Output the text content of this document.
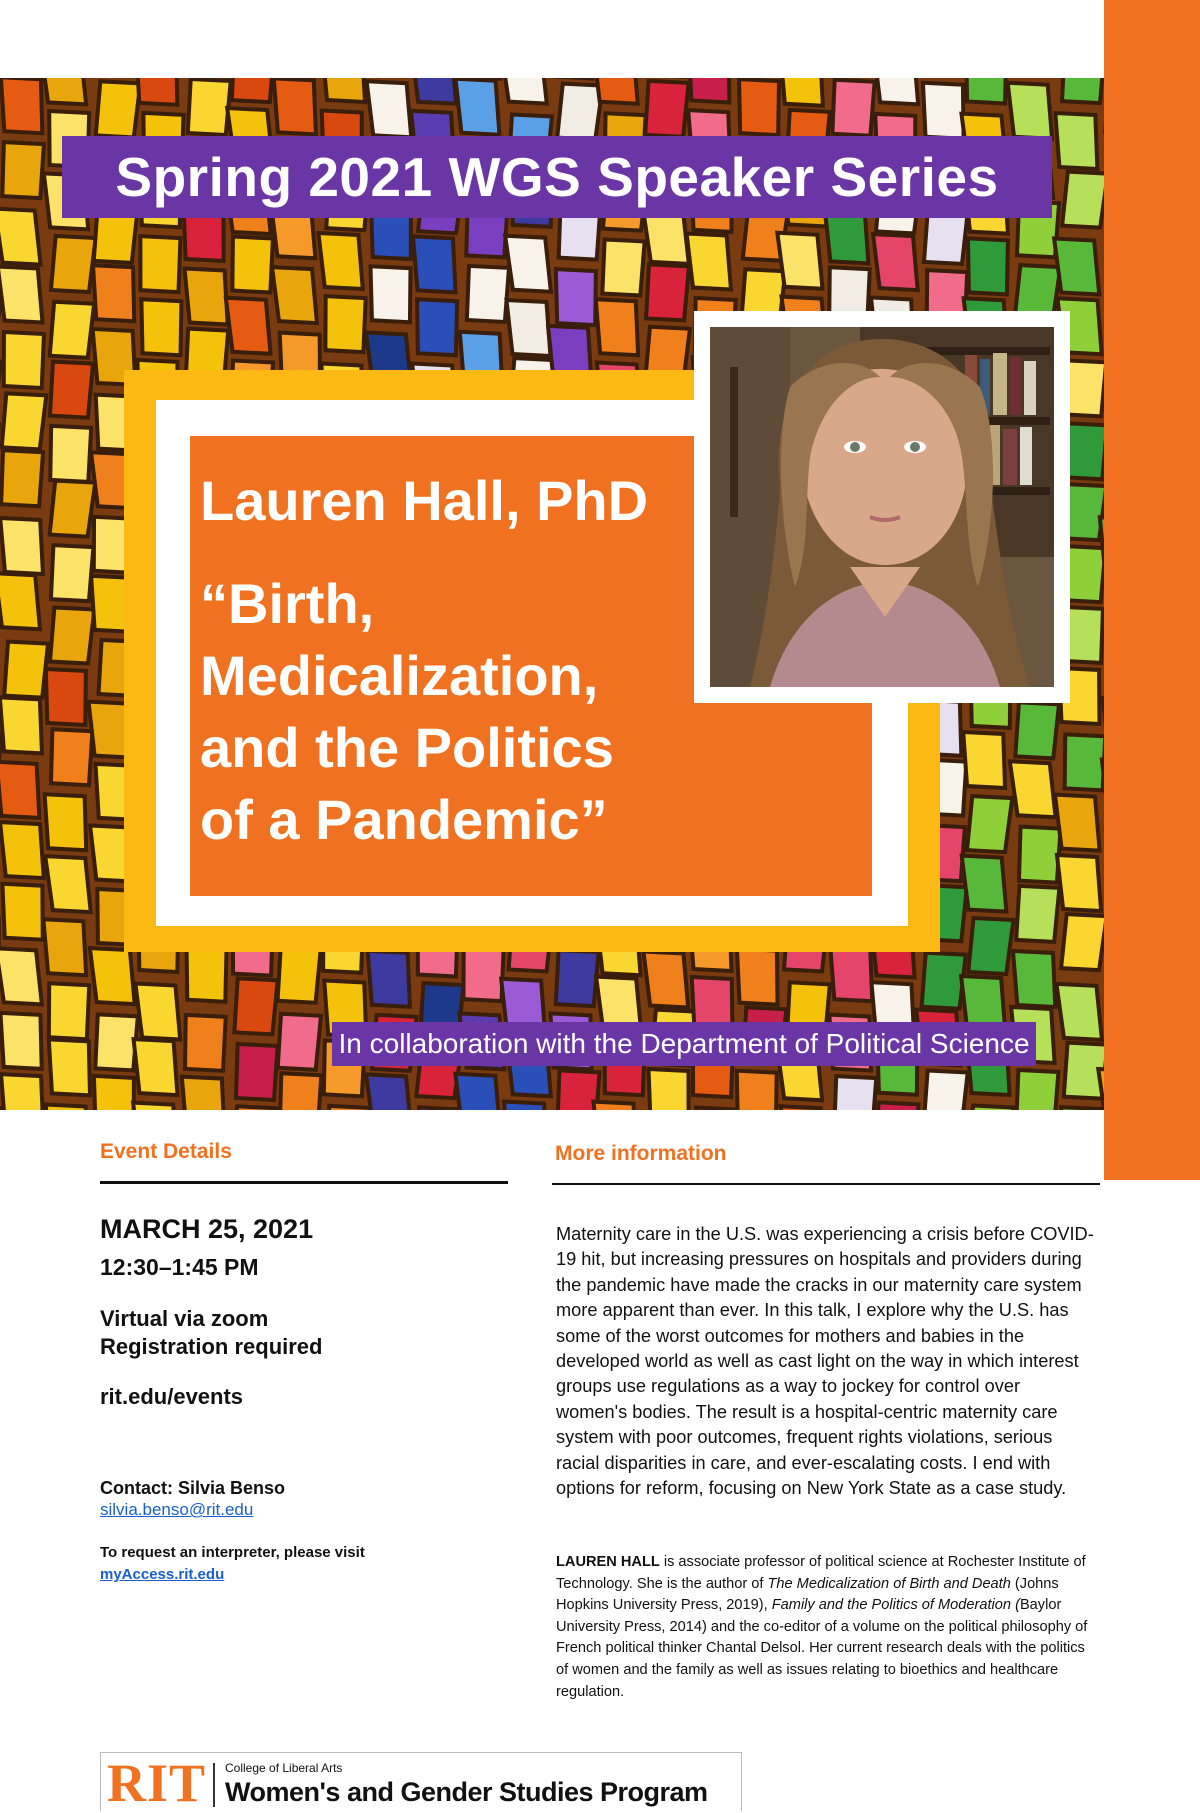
Spring 2021 WGS Speaker Series
Lauren Hall, PhD
“Birth,
Medicalization,
and the Politics
of a Pandemic”
In collaboration with the Department of Political Science
Event Details	More information
MARCH 25, 2021
12:30–1:45 PM
Virtual via zoom
Registration required
rit.edu/events
Contact: Silvia Benso
silvia.benso@rit.edu
To request an interpreter, please visit
myAccess.rit.edu
Maternity care in the U.S. was experiencing a crisis before COVID-19 hit, but increasing pressures on hospitals and providers during the pandemic have made the cracks in our maternity care system more apparent than ever. In this talk, I explore why the U.S. has some of the worst outcomes for mothers and babies in the developed world as well as cast light on the way in which interest groups use regulations as a way to jockey for control over women's bodies. The result is a hospital-centric maternity care system with poor outcomes, frequent rights violations, serious racial disparities in care, and ever-escalating costs. I end with options for reform, focusing on New York State as a case study.
LAUREN HALL is associate professor of political science at Rochester Institute of Technology. She is the author of The Medicalization of Birth and Death (Johns Hopkins University Press, 2019), Family and the Politics of Moderation (Baylor University Press, 2014) and the co-editor of a volume on the political philosophy of French political thinker Chantal Delsol. Her current research deals with the politics of women and the family as well as issues relating to bioethics and healthcare regulation.
RIT College of Liberal Arts
Women's and Gender Studies Program
